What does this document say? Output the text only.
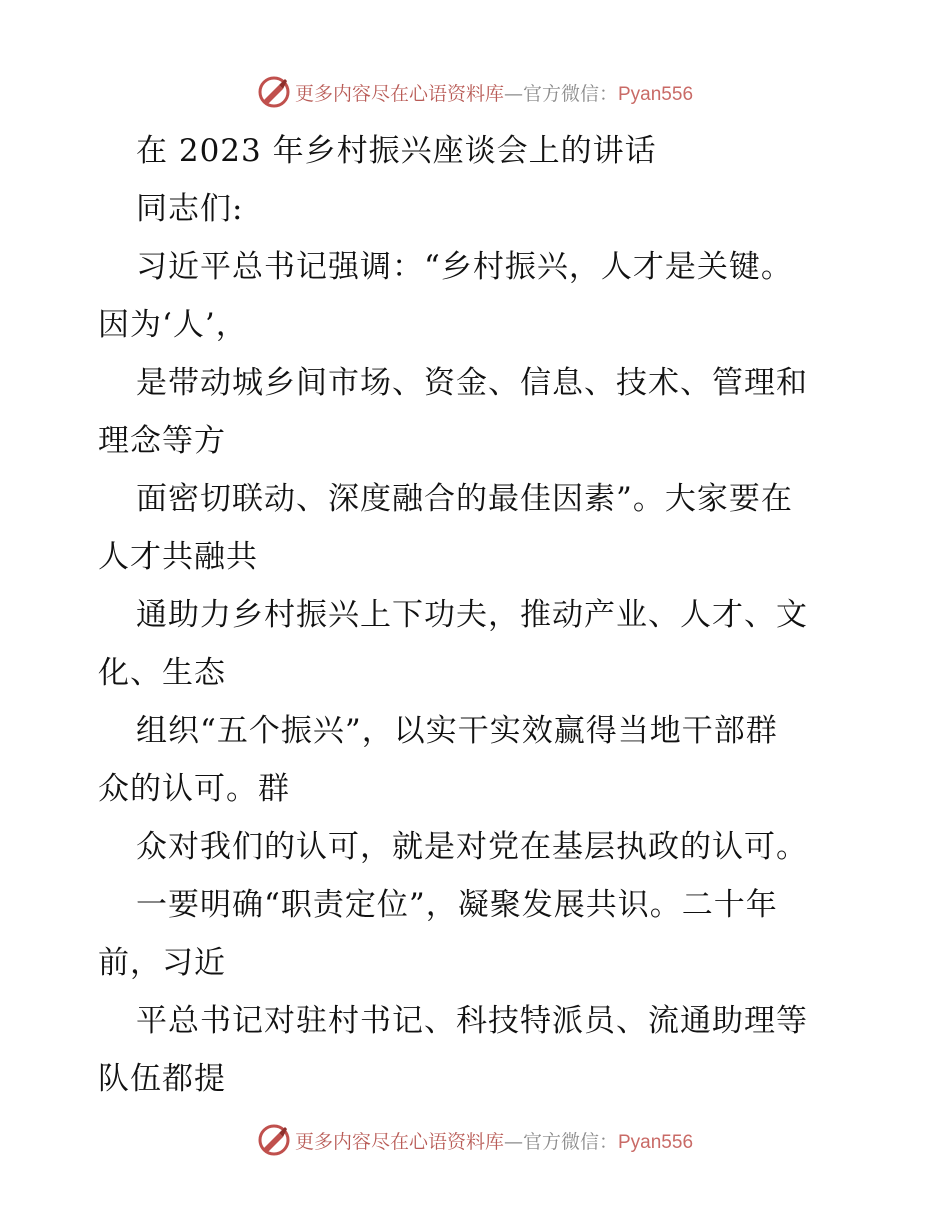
更多内容尽在心语资料库—官方微信：Pyan556
在 2023 年乡村振兴座谈会上的讲话
同志们:
习近平总书记强调：“乡村振兴，人才是关键。
因为‘人’，
是带动城乡间市场、资金、信息、技术、管理和
理念等方
面密切联动、深度融合的最佳因素”。大家要在
人才共融共
通助力乡村振兴上下功夫，推动产业、人才、文
化、生态
组织“五个振兴”，以实干实效赢得当地干部群
众的认可。群
众对我们的认可，就是对党在基层执政的认可。
一要明确“职责定位”，凝聚发展共识。二十年
前，习近
平总书记对驻村书记、科技特派员、流通助理等
队伍都提
更多内容尽在心语资料库—官方微信：Pyan556
